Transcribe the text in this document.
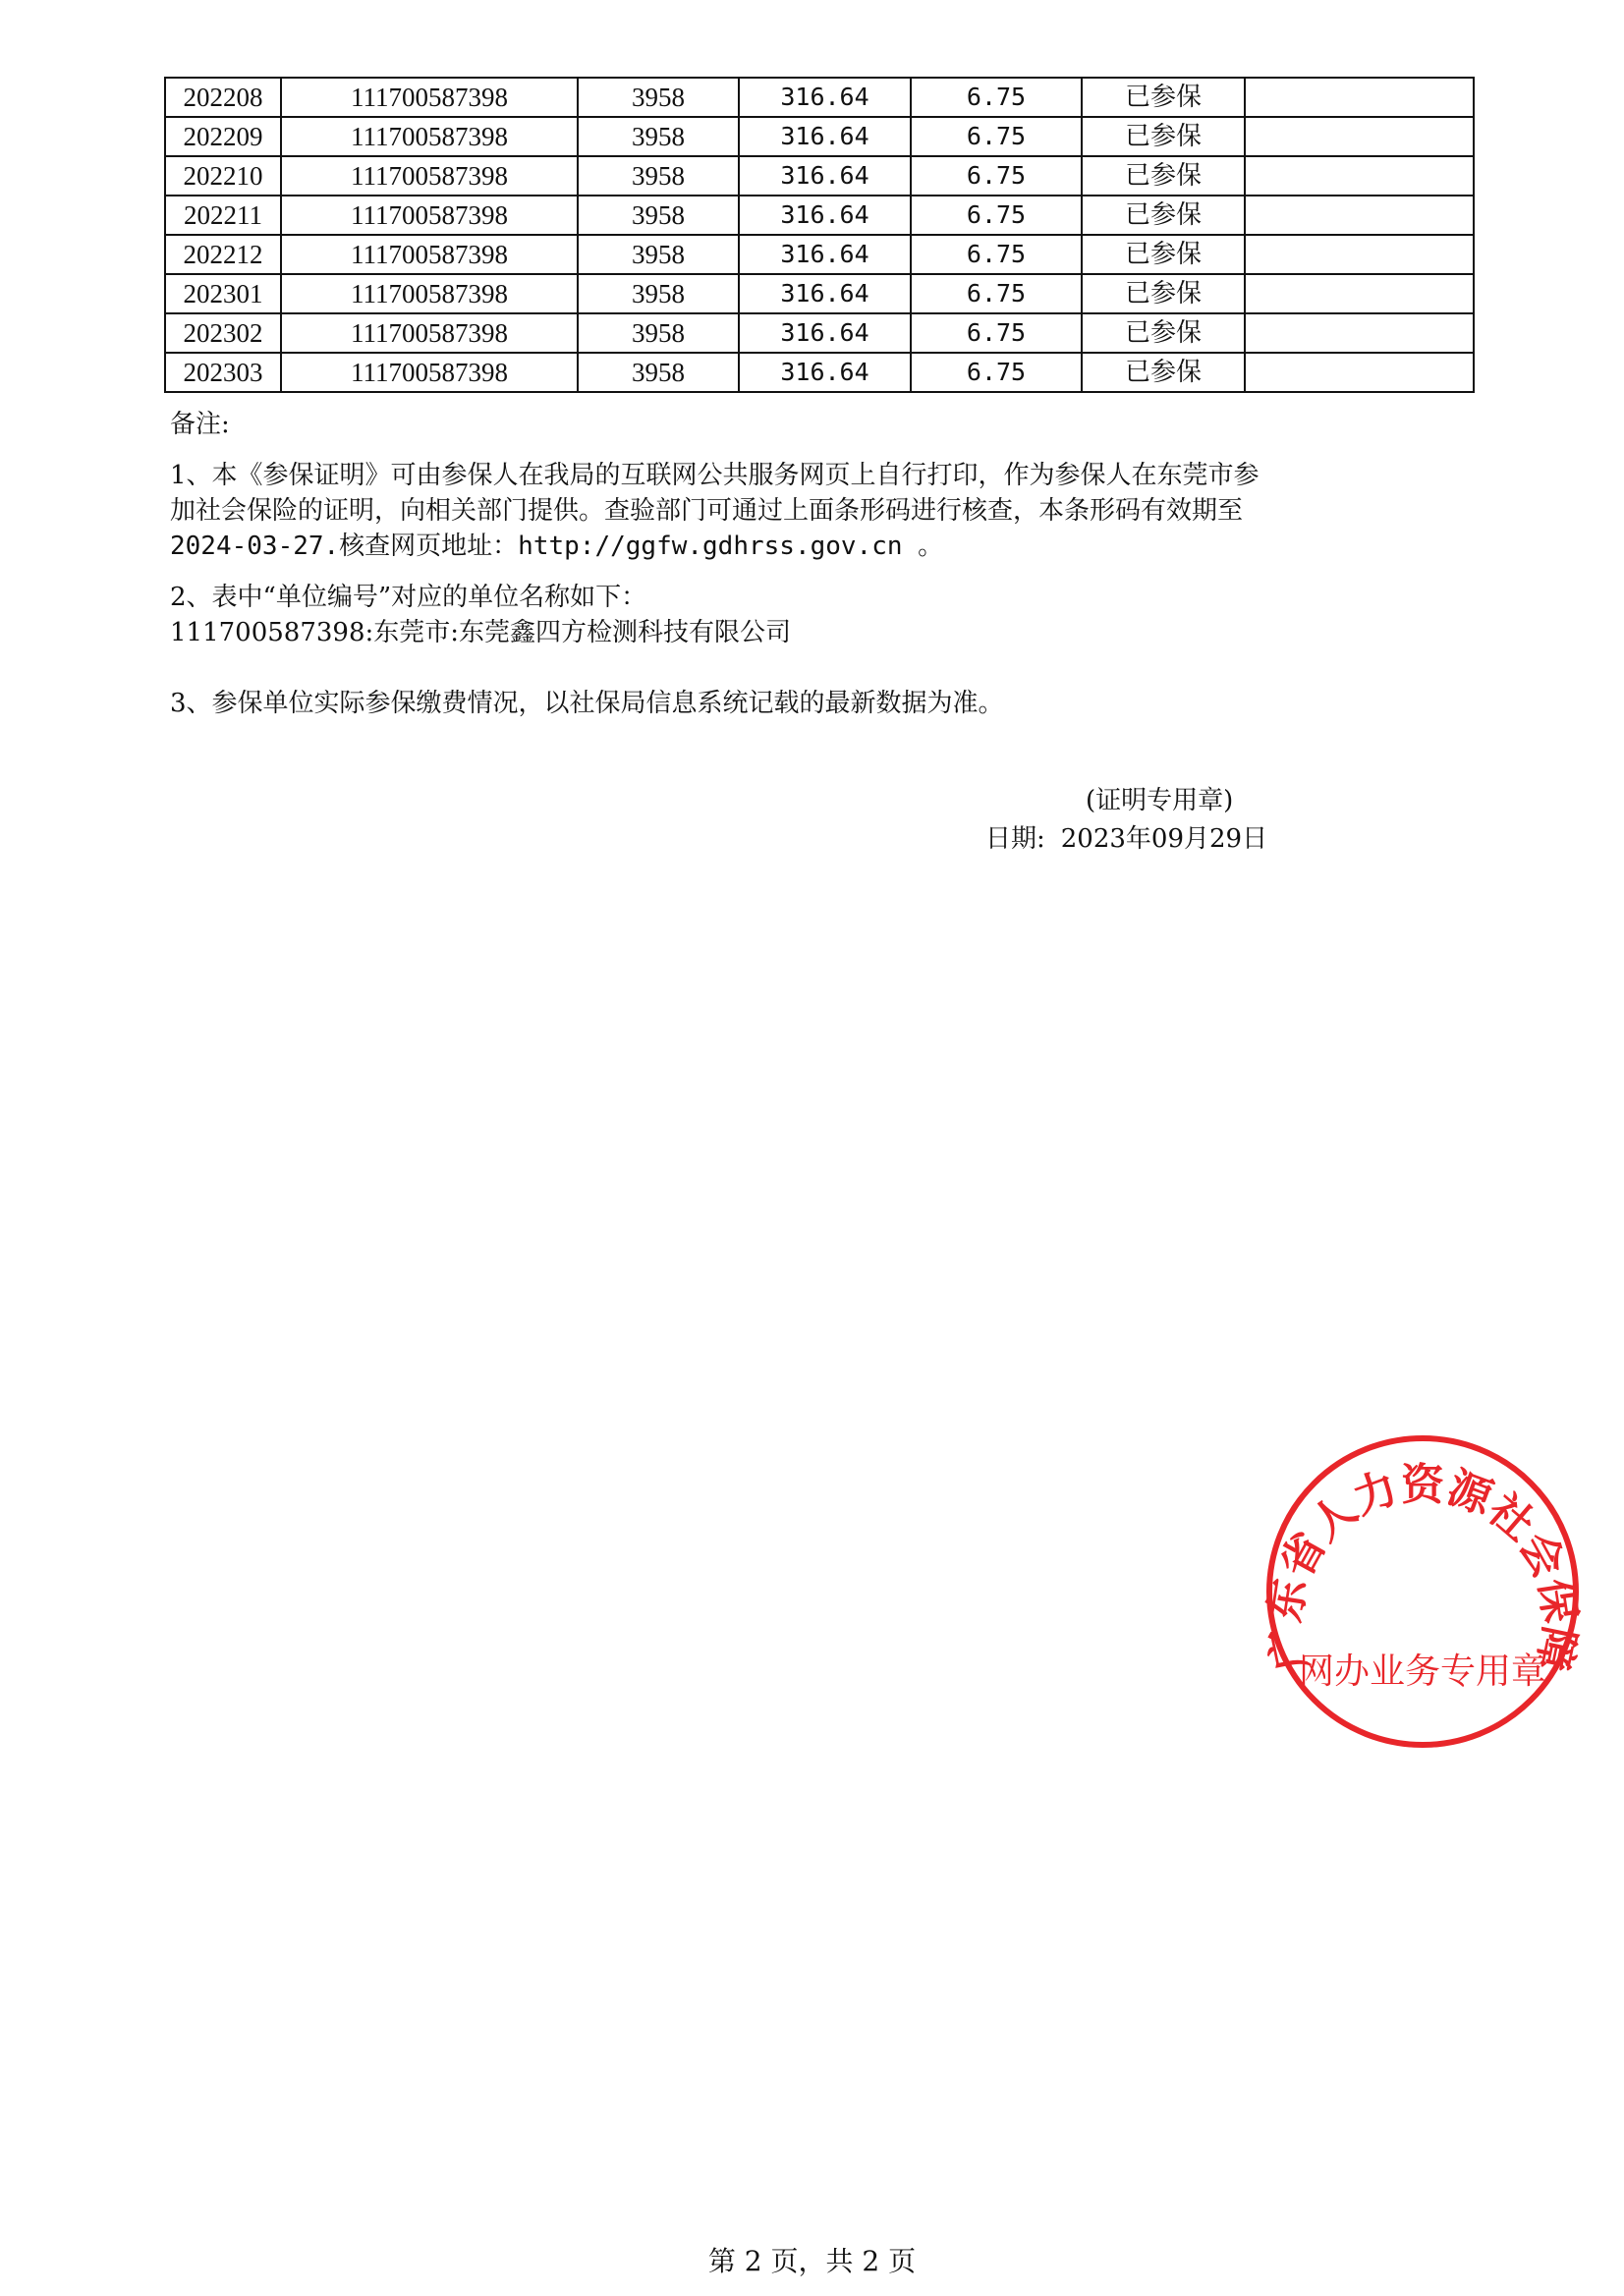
202208	111700587398	3958	316.64	6.75	已参保	
202209	111700587398	3958	316.64	6.75	已参保	
202210	111700587398	3958	316.64	6.75	已参保	
202211	111700587398	3958	316.64	6.75	已参保	
202212	111700587398	3958	316.64	6.75	已参保	
202301	111700587398	3958	316.64	6.75	已参保	
202302	111700587398	3958	316.64	6.75	已参保	
202303	111700587398	3958	316.64	6.75	已参保	

备注:

1、本《参保证明》可由参保人在我局的互联网公共服务网页上自行打印，作为参保人在东莞市参

加社会保险的证明，向相关部门提供。查验部门可通过上面条形码进行核查，本条形码有效期至

2024-03-27.核查网页地址：http://ggfw.gdhrss.gov.cn 。

2、表中“单位编号”对应的单位名称如下：

111700587398:东莞市:东莞鑫四方检测科技有限公司

3、参保单位实际参保缴费情况，以社保局信息系统记载的最新数据为准。

(证明专用章)
日期: 2023年09月29日
广东省人力资源社会保障
网办业务专用章
第 2 页，共 2 页
